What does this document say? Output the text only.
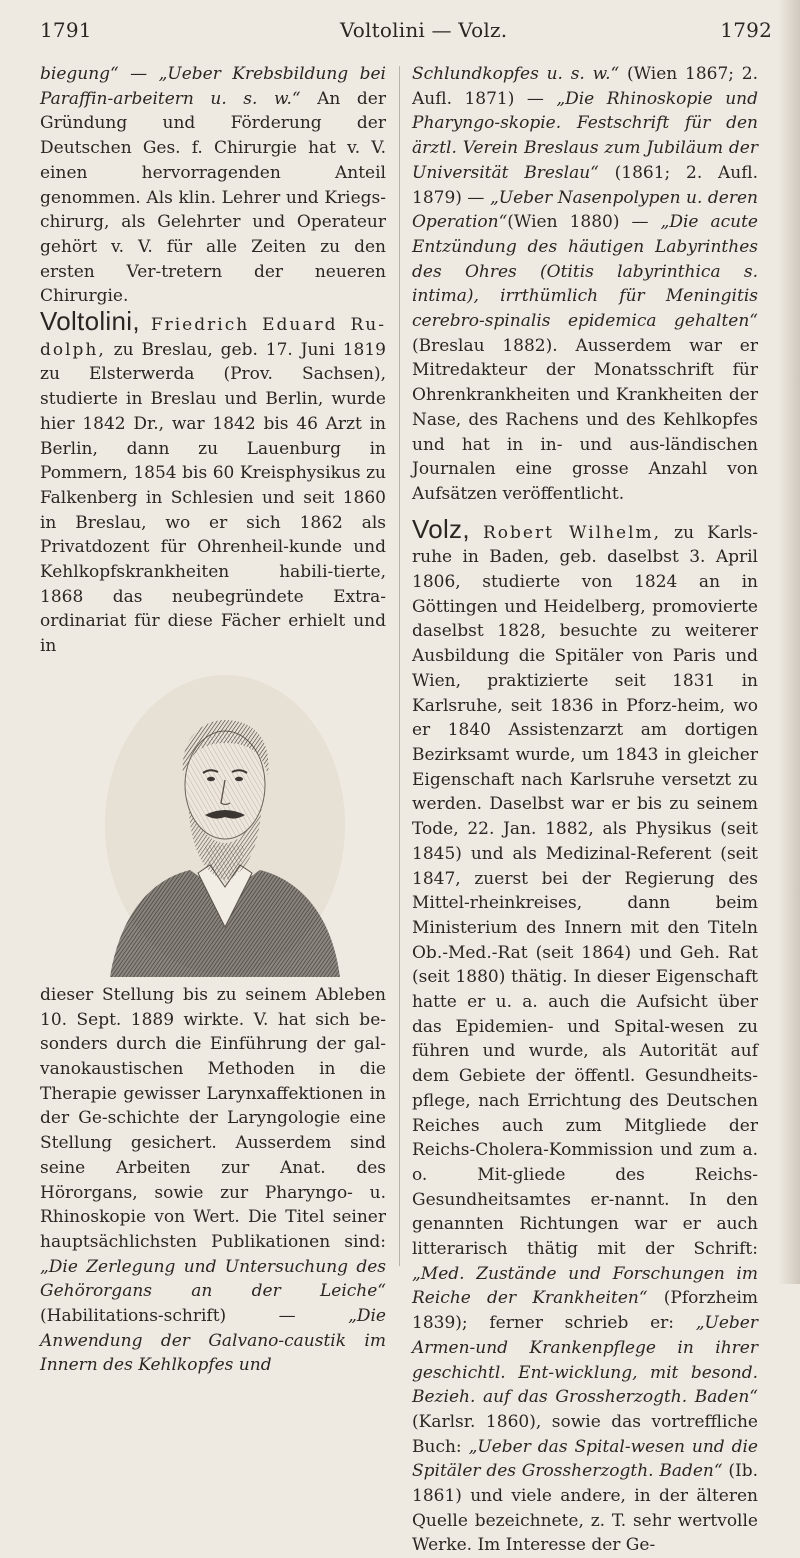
1791	Voltolini — Volz.	1792

biegung“ — „Ueber Krebsbildung bei Paraffin-arbeitern u. s. w.“ An der Gründung und Förderung der Deutschen Ges. f. Chirurgie hat v. V. einen hervorragenden Anteil genommen. Als klin. Lehrer und Kriegs-chirurg, als Gelehrter und Operateur gehört v. V. für alle Zeiten zu den ersten Ver-tretern der neueren Chirurgie.

Voltolini, Friedrich Eduard Ru-dolph, zu Breslau, geb. 17. Juni 1819 zu Elsterwerda (Prov. Sachsen), studierte in Breslau und Berlin, wurde hier 1842 Dr., war 1842 bis 46 Arzt in Berlin, dann zu Lauenburg in Pommern, 1854 bis 60 Kreisphysikus zu Falkenberg in Schlesien und seit 1860 in Breslau, wo er sich 1862 als Privatdozent für Ohrenheil-kunde und Kehlkopfskrankheiten habili-tierte, 1868 das neubegründete Extra-ordinariat für diese Fächer erhielt und in

dieser Stellung bis zu seinem Ableben 10. Sept. 1889 wirkte. V. hat sich be-sonders durch die Einführung der gal-vanokaustischen Methoden in die Therapie gewisser Larynxaffektionen in der Ge-schichte der Laryngologie eine Stellung gesichert. Ausserdem sind seine Arbeiten zur Anat. des Hörorgans, sowie zur Pharyngo- u. Rhinoskopie von Wert. Die Titel seiner hauptsächlichsten Publikationen sind: „Die Zerlegung und Untersuchung des Gehörorgans an der Leiche“ (Habilitations-schrift) — „Die Anwendung der Galvano-caustik im Innern des Kehlkopfes und

Schlundkopfes u. s. w.“ (Wien 1867; 2. Aufl. 1871) — „Die Rhinoskopie und Pharyngo-skopie. Festschrift für den ärztl. Verein Breslaus zum Jubiläum der Universität Breslau“ (1861; 2. Aufl. 1879) — „Ueber Nasenpolypen u. deren Operation“(Wien 1880) — „Die acute Entzündung des häutigen Labyrinthes des Ohres (Otitis labyrinthica s. intima), irrthümlich für Meningitis cerebro-spinalis epidemica gehalten“ (Breslau 1882). Ausserdem war er Mitredakteur der Monatsschrift für Ohrenkrankheiten und Krankheiten der Nase, des Rachens und des Kehlkopfes und hat in in- und aus-ländischen Journalen eine grosse Anzahl von Aufsätzen veröffentlicht.

Volz, Robert Wilhelm, zu Karls-ruhe in Baden, geb. daselbst 3. April 1806, studierte von 1824 an in Göttingen und Heidelberg, promovierte daselbst 1828, besuchte zu weiterer Ausbildung die Spitäler von Paris und Wien, praktizierte seit 1831 in Karlsruhe, seit 1836 in Pforz-heim, wo er 1840 Assistenzarzt am dortigen Bezirksamt wurde, um 1843 in gleicher Eigenschaft nach Karlsruhe versetzt zu werden. Daselbst war er bis zu seinem Tode, 22. Jan. 1882, als Physikus (seit 1845) und als Medizinal-Referent (seit 1847, zuerst bei der Regierung des Mittel-rheinkreises, dann beim Ministerium des Innern mit den Titeln Ob.-Med.-Rat (seit 1864) und Geh. Rat (seit 1880) thätig. In dieser Eigenschaft hatte er u. a. auch die Aufsicht über das Epidemien- und Spital-wesen zu führen und wurde, als Autorität auf dem Gebiete der öffentl. Gesundheits-pflege, nach Errichtung des Deutschen Reiches auch zum Mitgliede der Reichs-Cholera-Kommission und zum a. o. Mit-gliede des Reichs-Gesundheitsamtes er-nannt. In den genannten Richtungen war er auch litterarisch thätig mit der Schrift: „Med. Zustände und Forschungen im Reiche der Krankheiten“ (Pforzheim 1839); ferner schrieb er: „Ueber Armen-und Krankenpflege in ihrer geschichtl. Ent-wicklung, mit besond. Bezieh. auf das Grossherzogth. Baden“ (Karlsr. 1860), sowie das vortreffliche Buch: „Ueber das Spital-wesen und die Spitäler des Grossherzogth. Baden“ (Ib. 1861) und viele andere, in der älteren Quelle bezeichnete, z. T. sehr wertvolle Werke. Im Interesse der Ge-
